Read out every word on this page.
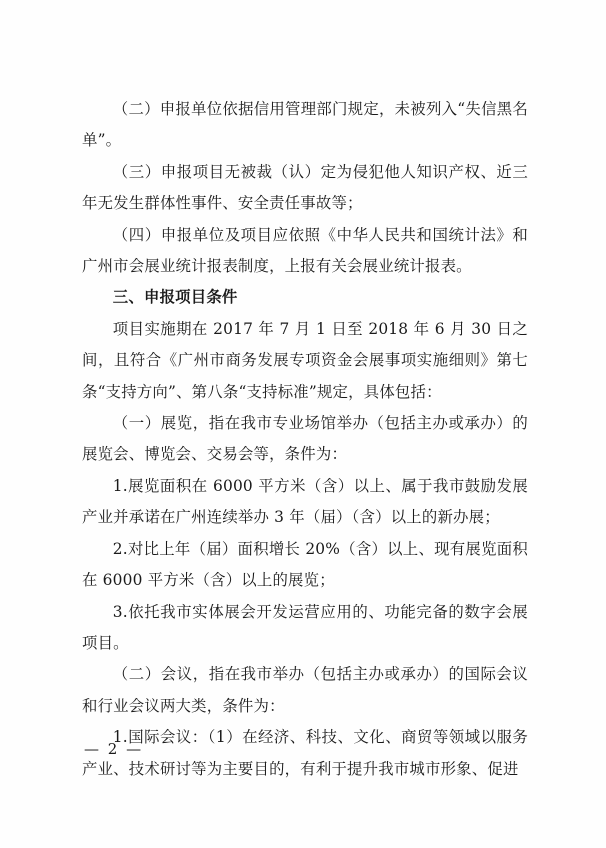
（二）申报单位依据信用管理部门规定，未被列入“失信黑名单”。

（三）申报项目无被裁（认）定为侵犯他人知识产权、近三年无发生群体性事件、安全责任事故等；

（四）申报单位及项目应依照《中华人民共和国统计法》和广州市会展业统计报表制度，上报有关会展业统计报表。

三、申报项目条件

项目实施期在 2017 年 7 月 1 日至 2018 年 6 月 30 日之间，且符合《广州市商务发展专项资金会展事项实施细则》第七条“支持方向”、第八条“支持标准”规定，具体包括：

（一）展览，指在我市专业场馆举办（包括主办或承办）的展览会、博览会、交易会等，条件为：

1.展览面积在 6000 平方米（含）以上、属于我市鼓励发展产业并承诺在广州连续举办 3 年（届）（含）以上的新办展；

2.对比上年（届）面积增长 20%（含）以上、现有展览面积在 6000 平方米（含）以上的展览；

3.依托我市实体展会开发运营应用的、功能完备的数字会展项目。

（二）会议，指在我市举办（包括主办或承办）的国际会议和行业会议两大类，条件为：

1.国际会议：（1）在经济、科技、文化、商贸等领域以服务产业、技术研讨等为主要目的，有利于提升我市城市形象、促进

— 2 —
